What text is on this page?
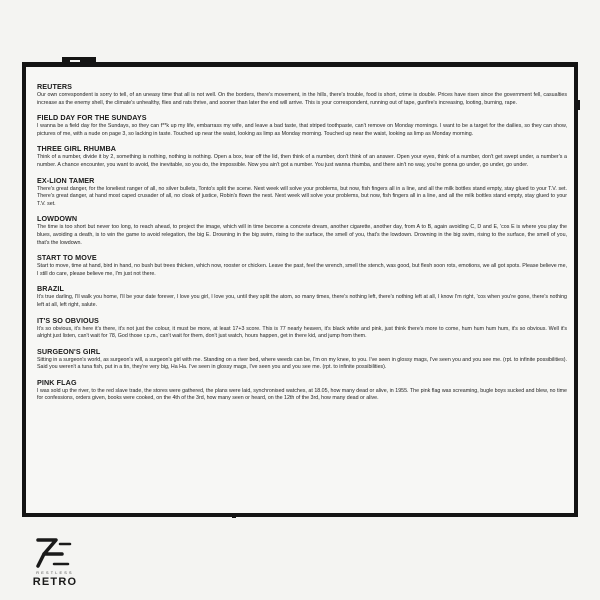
REUTERS
Our own correspondent is sorry to tell, of an uneasy time that all is not well. On the borders, there's movement, in the hills, there's trouble, food is short, crime is double. Prices have risen since the government fell, casualties increase as the enemy shell, the climate's unhealthy, flies and rats thrive, and sooner than later the end will arrive. This is your correspondent, running out of tape, gunfire's increasing, looting, burning, rape.
FIELD DAY FOR THE SUNDAYS
I wanna be a field day for the Sundays, so they can f**k up my life, embarrass my wife, and leave a bad taste, that striped toothpaste, can't remove on Monday mornings. I want to be a target for the dailies, so they can show, pictures of me, with a nude on page 3, so lacking in taste. Touched up near the waist, looking as limp as Monday morning. Touched up near the waist, looking as limp as Monday morning.
THREE GIRL RHUMBA
Think of a number, divide it by 2, something is nothing, nothing is nothing. Open a box, tear off the lid, then think of a number, don't think of an answer. Open your eyes, think of a number, don't get swept under, a number's a number. A chance encounter, you want to avoid, the inevitable, so you do, the impossible. Now you ain't got a number. You just wanna rhumba, and there ain't no way, you're gonna go under, go under, go under.
EX-LION TAMER
There's great danger, for the loneliest ranger of all, no silver bullets, Tonto's split the scene. Next week will solve your problems, but now, fish fingers all in a line, and all the milk bottles stand empty, stay glued to your T.V. set. There's great danger, at hand most caped crusader of all, no cloak of justice, Robin's flown the nest. Next week will solve your problems, but now, fish fingers all in a line, and all the milk bottles stand empty, stay glued to your T.V. set.
LOWDOWN
The time is too short but never too long, to reach ahead, to project the image, which will in time become a concrete dream, another cigarette, another day, from A to B, again avoiding C, D and E, 'cos E is where you play the blues, avoiding a death, is to win the game to avoid relegation, the big E. Drowning in the big swim, rising to the surface, the smell of you, that's the lowdown. Drowning in the big swim, rising to the surface, the smell of you, that's the lowdown.
START TO MOVE
Start to move, time at hand, bird in hand, no bush but trees thicken, which now, rooster or chicken. Leave the past, feel the wrench, smell the stench, was good, but flesh soon rots, emotions, we all got spots. Please believe me, I still do care, please believe me, I'm just not there.
BRAZIL
It's true darling, I'll walk you home, I'll be your date forever, I love you girl, I love you, until they split the atom, so many times, there's nothing left, there's nothing left at all, I know I'm right, 'cos when you're gone, there's nothing left at all, left right, salute.
IT'S SO OBVIOUS
It's so obvious, it's here it's there, it's not just the colour, it must be more, at least 17+3 score. This is 77 nearly heaven, it's black white and pink, just think there's more to come, hum hum hum hum, it's so obvious. Well it's alright just listen, can't wait for 78, God those r.p.m., can't wait for them, don't just watch, hours happen, get in there kid, and jump from them.
SURGEON'S GIRL
Sitting in a surgeon's world, as surgeon's will, a surgeon's girl with me. Standing on a river bed, where weeds can be, I'm on my knee, to you. I've seen in glossy mags, I've seen you and you see me. (rpt. to infinite possibilities). Said you weren't a tuna fish, put in a tin, they're very big, Ha Ha. I've seen in glossy mags, I've seen you and you see me. (rpt. to infinite possibilities).
PINK FLAG
I was sold up the river, to the red slave trade, the stores were gathered, the plans were laid, synchronised watches, at 18.05, how many dead or alive, in 1955. The pink flag was screaming, bugle boys sucked and blew, no time for confessions, orders given, books were cooked, on the 4th of the 3rd, how many seen or heard, on the 12th of the 3rd, how many dead or alive.
RESTLESS
RETRO
